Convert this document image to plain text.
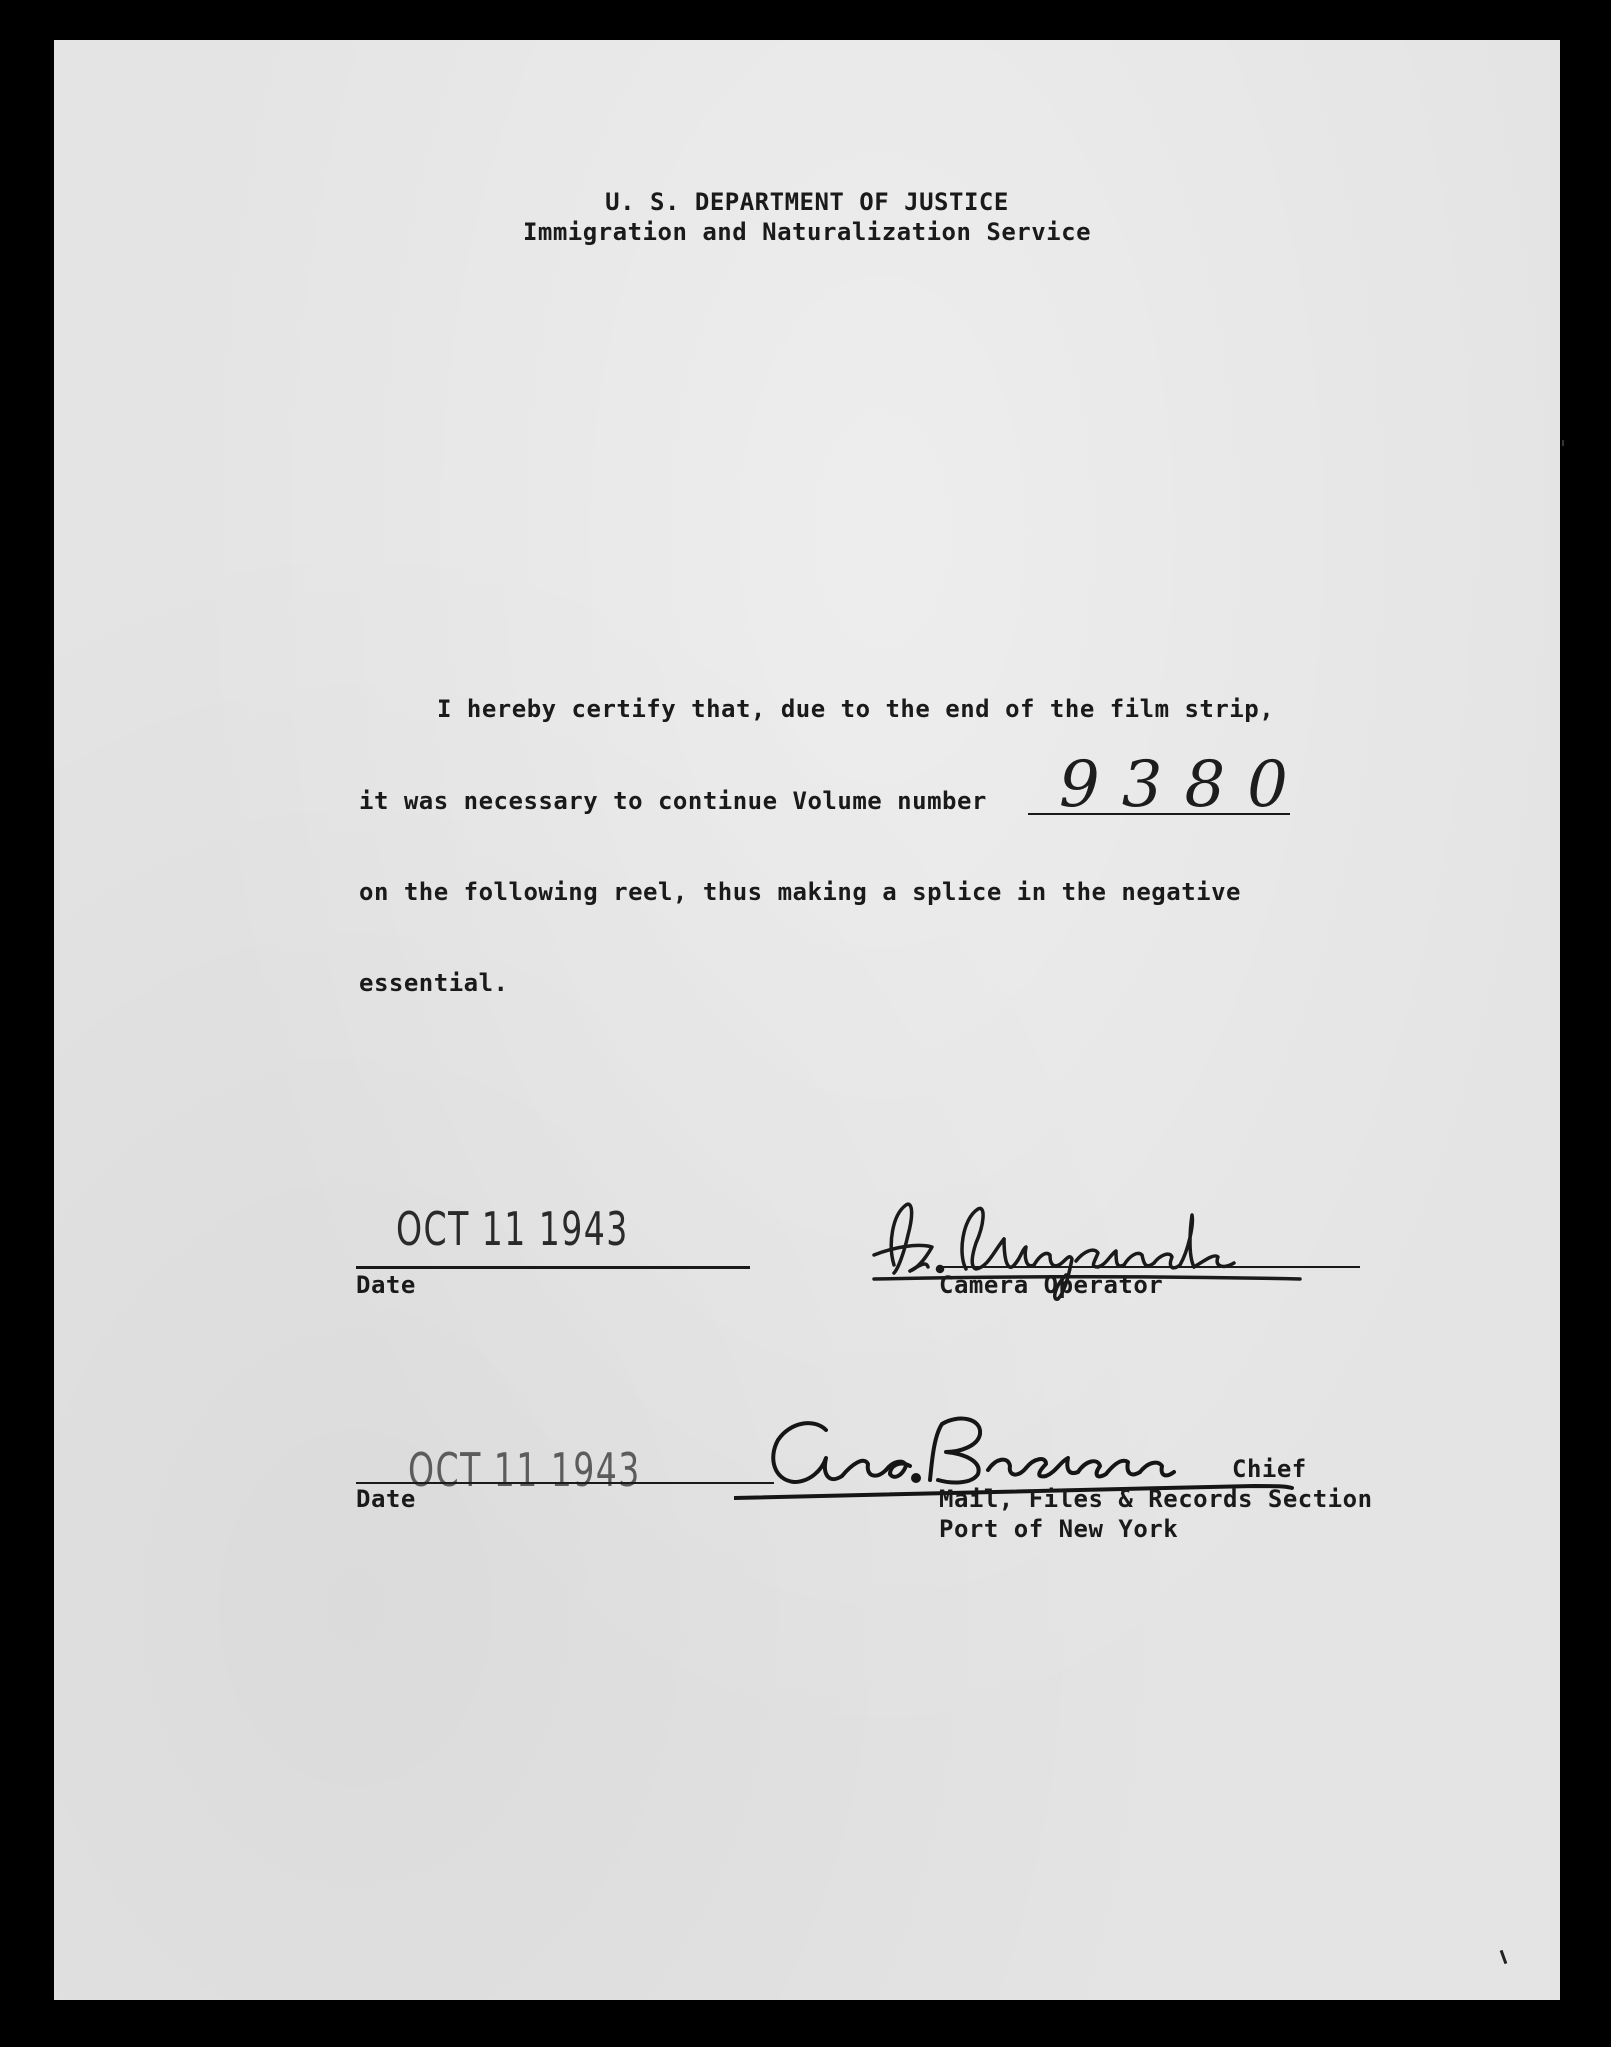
U. S. DEPARTMENT OF JUSTICE
Immigration and Naturalization Service
I hereby certify that, due to the end of the film strip,
it was necessary to continue Volume number 9380
on the following reel, thus making a splice in the negative
essential.
OCT 11 1943
Date	Camera Operator
OCT 11 1943
Date
Chief
Mail, Files & Records Section
Port of New York
